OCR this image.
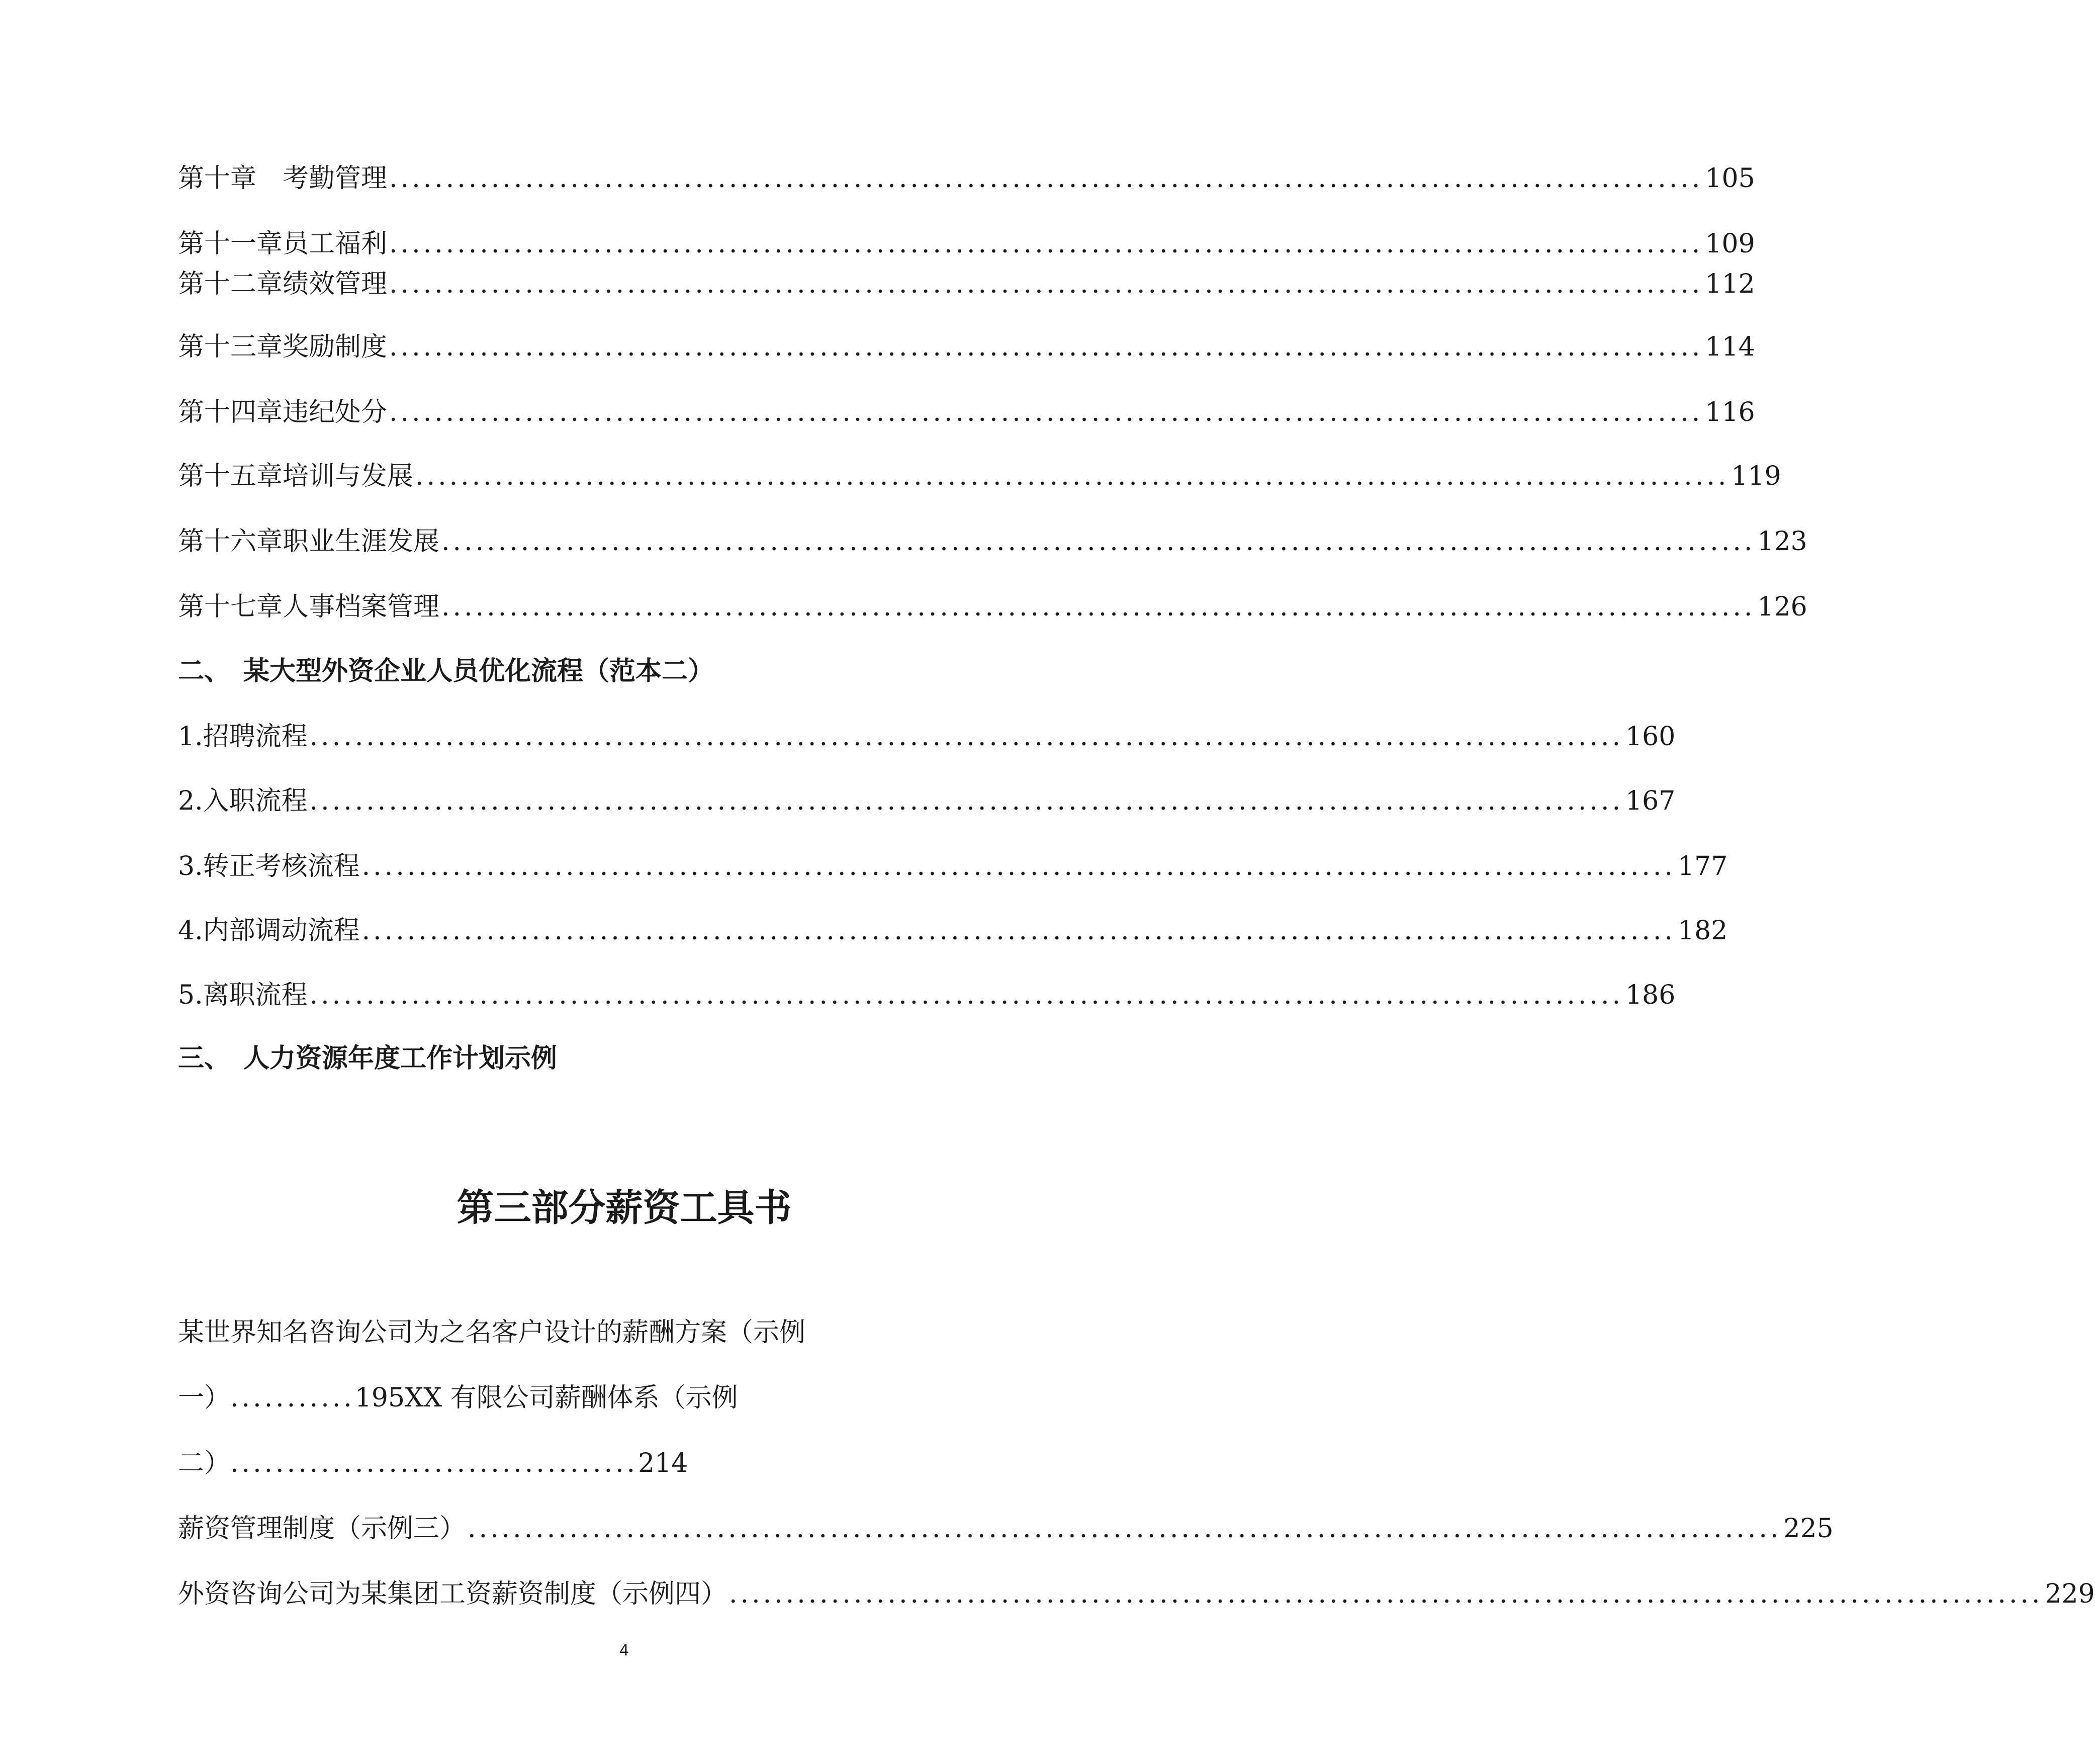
第十章　考勤管理 .................................................................................................................... 105
第十一章员工福利 .................................................................................................................... 109
第十二章绩效管理 .................................................................................................................... 112
第十三章奖励制度 .................................................................................................................... 114
第十四章违纪处分 .................................................................................................................... 116
第十五章培训与发展 .................................................................................................................... 119
第十六章职业生涯发展 .................................................................................................................... 123
第十七章人事档案管理 .................................................................................................................... 126
二、 某大型外资企业人员优化流程（范本二）
1.招聘流程 .................................................................................................................... 160
2.入职流程 .................................................................................................................... 167
3.转正考核流程 .................................................................................................................... 177
4.内部调动流程 .................................................................................................................... 182
5.离职流程 .................................................................................................................... 186
三、 人力资源年度工作计划示例
第三部分薪资工具书
某世界知名咨询公司为之名客户设计的薪酬方案（示例
一）...........195XX 有限公司薪酬体系（示例
二）....................................214
薪资管理制度（示例三） .................................................................................................................... 225
外资咨询公司为某集团工资薪资制度（示例四） .................................................................................................................... 229
4
